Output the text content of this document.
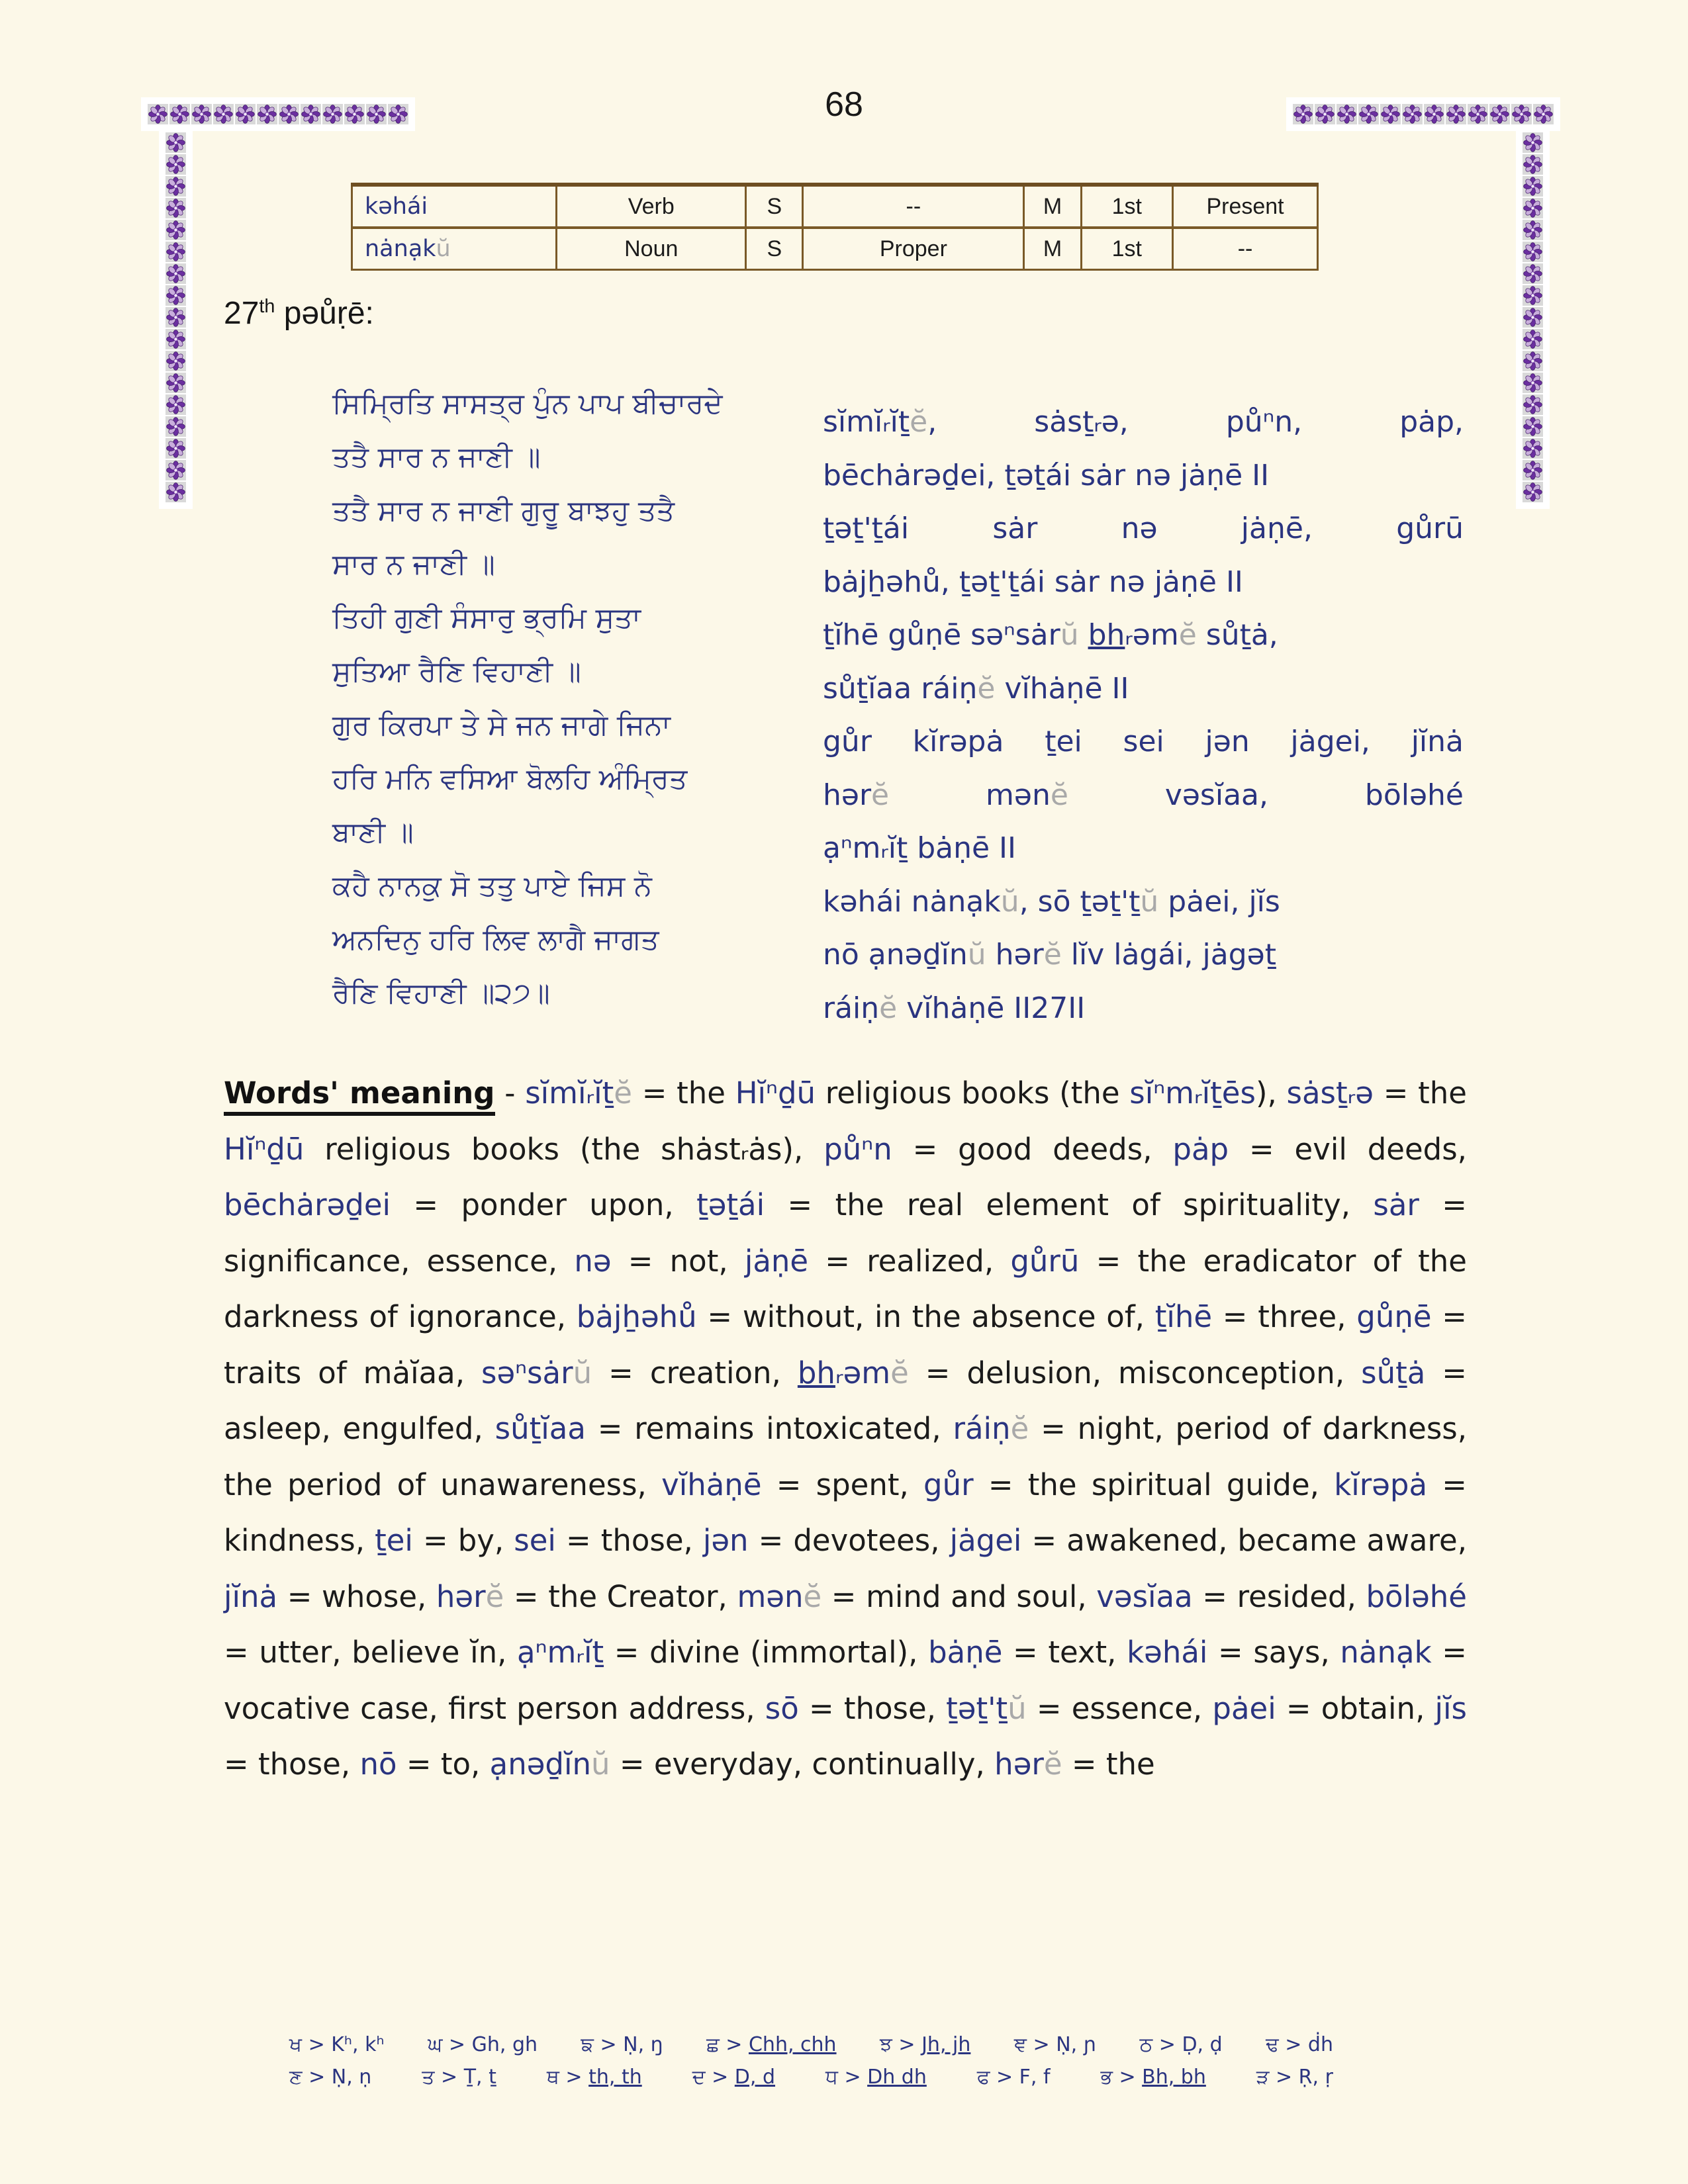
68
kəhái	Verb	S	--	M	1st	Present
nȧnạkŭ	Noun	S	Proper	M	1st	--
27th pəůṛē:
ਸਿਮ੍ਰਿਤਿ ਸਾਸਤ੍ਰ ਪੁੰਨ ਪਾਪ ਬੀਚਾਰਦੇ
ਤਤੈ ਸਾਰ ਨ ਜਾਣੀ ॥
ਤਤੈ ਸਾਰ ਨ ਜਾਣੀ ਗੁਰੂ ਬਾਝਹੁ ਤਤੈ
ਸਾਰ ਨ ਜਾਣੀ ॥
ਤਿਹੀ ਗੁਣੀ ਸੰਸਾਰੁ ਭ੍ਰਮਿ ਸੁਤਾ
ਸੁਤਿਆ ਰੈਣਿ ਵਿਹਾਣੀ ॥
ਗੁਰ ਕਿਰਪਾ ਤੇ ਸੇ ਜਨ ਜਾਗੇ ਜਿਨਾ
ਹਰਿ ਮਨਿ ਵਸਿਆ ਬੋਲਹਿ ਅੰਮ੍ਰਿਤ
ਬਾਣੀ ॥
ਕਹੈ ਨਾਨਕੁ ਸੋ ਤਤੁ ਪਾਏ ਜਿਸ ਨੋ
ਅਨਦਿਨੁ ਹਰਿ ਲਿਵ ਲਾਗੈ ਜਾਗਤ
ਰੈਣਿ ਵਿਹਾਣੀ ॥੨੭॥
sĭmĭᵣĭṯĕ, sȧsṯᵣə, půⁿn, pȧp,
bēchȧrəḏei, ṯəṯái sȧr nə jȧṇē II
ṯəṯ'ṯái sȧr nə jȧṇē, gůrū
bȧjẖəhů, ṯəṯ'ṯái sȧr nə jȧṇē II
ṯĭhē gůṇē səⁿsȧrŭ bhᵣəmĕ sůṯȧ,
sůṯĭaa ráiṇĕ vĭhȧṇē II
gůr kĭrəpȧ ṯei sei jən jȧgei, jĭnȧ
hərĕ mənĕ vəsĭaa, bōləhé
ạⁿmᵣĭṯ bȧṇē II
kəhái nȧnạkŭ, sō ṯəṯ'ṯŭ pȧei, jĭs
nō ạnəḏĭnŭ hərĕ lĭv lȧgái, jȧgəṯ
ráiṇĕ vĭhȧṇē II27II
Words' meaning - sĭmĭᵣĭṯĕ = the Hĭⁿḏū religious books (the sĭⁿmᵣĭṯēs), sȧsṯᵣə = the Hĭⁿḏū religious books (the shȧstᵣȧs), půⁿn = good deeds, pȧp = evil deeds, bēchȧrəḏei = ponder upon, ṯəṯái = the real element of spirituality, sȧr = significance, essence, nə = not, jȧṇē = realized, gůrū = the eradicator of the darkness of ignorance, bȧjẖəhů = without, in the absence of, ṯĭhē = three, gůṇē = traits of mȧĭaa, səⁿsȧrŭ = creation, bhᵣəmĕ = delusion, misconception, sůṯȧ = asleep, engulfed, sůṯĭaa = remains intoxicated, ráiṇĕ = night, period of darkness, the period of unawareness, vĭhȧṇē = spent, gůr = the spiritual guide, kĭrəpȧ = kindness, ṯei = by, sei = those, jən = devotees, jȧgei = awakened, became aware, jĭnȧ = whose, hərĕ = the Creator, mənĕ = mind and soul, vəsĭaa = resided, bōləhé = utter, believe ĭn, ạⁿmᵣĭṯ = divine (immortal), bȧṇē = text, kəhái = says, nȧnạk = vocative case, first person address, sō = those, ṯəṯ'ṯŭ = essence, pȧei = obtain, jĭs = those, nō = to, ạnəḏĭnŭ = everyday, continually, hərĕ = the
ਖ > Kʰ, kʰ ਘ > Gh, gh ਙ > Ṇ, ŋ ਛ > Chh, chh ਝ > Jh, jh ਞ > Ṇ, ɲ ਠ > Ḍ, ḍ ਢ > ḋh
ਣ > Ṇ, ṇ	ਤ > Ṯ, ṯ	ਥ > th, th	ਦ > D, d	ਧ > Dh dh	ਫ > F, f	ਭ > Bh, bh	ੜ > Ṛ, ṛ
